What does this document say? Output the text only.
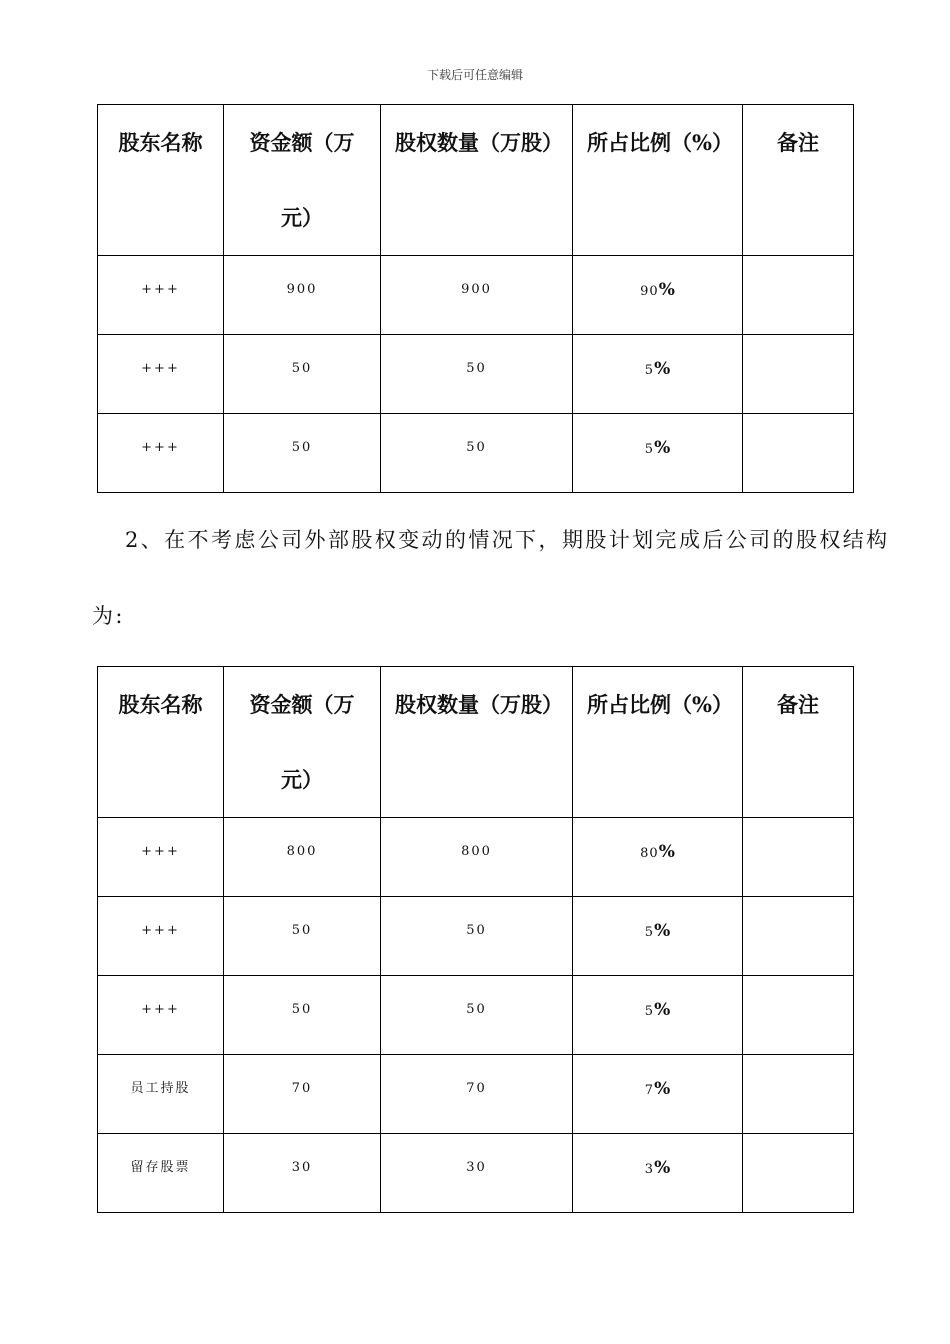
下载后可任意编辑
股东名称	资金额（万元）	股权数量（万股）	所占比例（%）	备注

+++	900	900	90%	

+++	50	50	5%	

+++	50	50	5%	

2、在不考虑公司外部股权变动的情况下，期股计划完成后公司的股权结构
为:
股东名称	资金额（万元）	股权数量（万股）	所占比例（%）	备注

+++	800	800	80%	

+++	50	50	5%	

+++	50	50	5%	

员工持股	70	70	7%	

留存股票	30	30	3%	
